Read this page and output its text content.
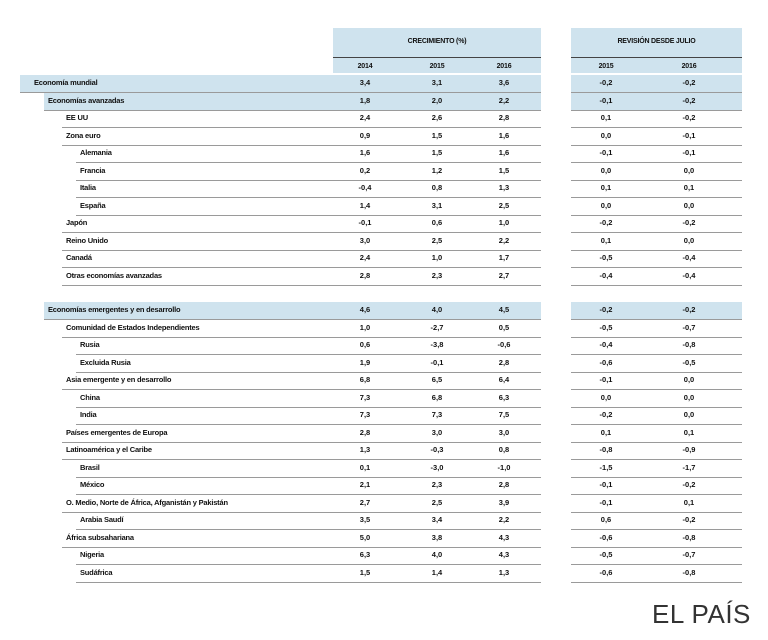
CRECIMIENTO (%)	REVISIÓN DESDE JULIO
2014	2015	2016	2015	2016
Economía mundial	3,4	3,1	3,6	-0,2	-0,2
Economías avanzadas	1,8	2,0	2,2	-0,1	-0,2
EE UU	2,4	2,6	2,8	0,1	-0,2
Zona euro	0,9	1,5	1,6	0,0	-0,1
Alemania	1,6	1,5	1,6	-0,1	-0,1
Francia	0,2	1,2	1,5	0,0	0,0
Italia	-0,4	0,8	1,3	0,1	0,1
España	1,4	3,1	2,5	0,0	0,0
Japón	-0,1	0,6	1,0	-0,2	-0,2
Reino Unido	3,0	2,5	2,2	0,1	0,0
Canadá	2,4	1,0	1,7	-0,5	-0,4
Otras economías avanzadas	2,8	2,3	2,7	-0,4	-0,4
Economías emergentes y en desarrollo	4,6	4,0	4,5	-0,2	-0,2
Comunidad de Estados Independientes	1,0	-2,7	0,5	-0,5	-0,7
Rusia	0,6	-3,8	-0,6	-0,4	-0,8
Excluida Rusia	1,9	-0,1	2,8	-0,6	-0,5
Asia emergente y en desarrollo	6,8	6,5	6,4	-0,1	0,0
China	7,3	6,8	6,3	0,0	0,0
India	7,3	7,3	7,5	-0,2	0,0
Países emergentes de Europa	2,8	3,0	3,0	0,1	0,1
Latinoamérica y el Caribe	1,3	-0,3	0,8	-0,8	-0,9
Brasil	0,1	-3,0	-1,0	-1,5	-1,7
México	2,1	2,3	2,8	-0,1	-0,2
O. Medio, Norte de África, Afganistán y Pakistán	2,7	2,5	3,9	-0,1	0,1
Arabia Saudí	3,5	3,4	2,2	0,6	-0,2
África subsahariana	5,0	3,8	4,3	-0,6	-0,8
Nigeria	6,3	4,0	4,3	-0,5	-0,7
Sudáfrica	1,5	1,4	1,3	-0,6	-0,8
EL PAÍS
